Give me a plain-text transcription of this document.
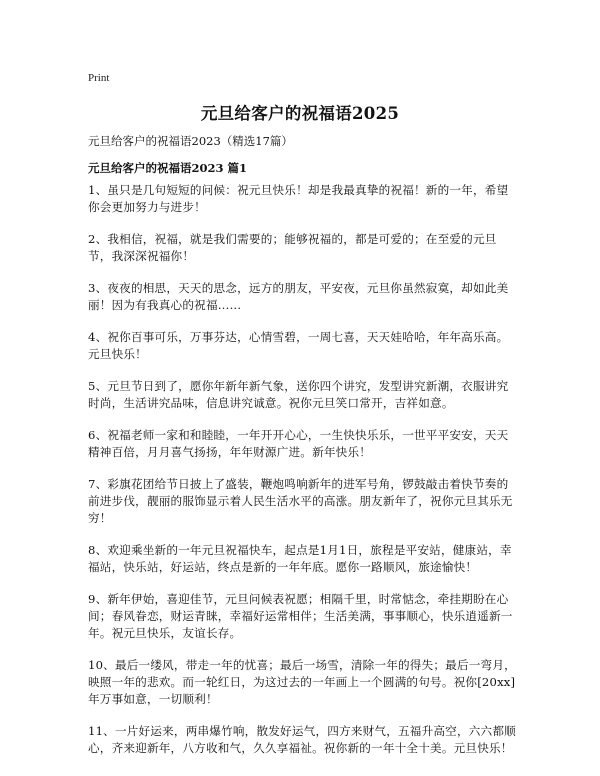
Print
元旦给客户的祝福语2025
元旦给客户的祝福语2023（精选17篇）
元旦给客户的祝福语2023 篇1

1、虽只是几句短短的问候：祝元旦快乐！却是我最真挚的祝福！新的一年，希望你会更加努力与进步！

2、我相信，祝福，就是我们需要的；能够祝福的，都是可爱的；在至爱的元旦节，我深深祝福你！

3、夜夜的相思，天天的思念，远方的朋友，平安夜，元旦你虽然寂寞，却如此美丽！因为有我真心的祝福……

4、祝你百事可乐，万事芬达，心情雪碧，一周七喜，天天娃哈哈，年年高乐高。元旦快乐！

5、元旦节日到了，愿你年新年新气象，送你四个讲究，发型讲究新潮，衣服讲究时尚，生活讲究品味，信息讲究诚意。祝你元旦笑口常开，吉祥如意。

6、祝福老师一家和和睦睦，一年开开心心，一生快快乐乐，一世平平安安，天天精神百倍，月月喜气扬扬，年年财源广进。新年快乐！

7、彩旗花团给节日披上了盛装，鞭炮鸣响新年的进军号角，锣鼓敲击着快节奏的前进步伐，靓丽的服饰显示着人民生活水平的高涨。朋友新年了，祝你元旦其乐无穷！

8、欢迎乘坐新的一年元旦祝福快车，起点是1月1日，旅程是平安站，健康站，幸福站，快乐站，好运站，终点是新的一年年底。愿你一路顺风，旅途愉快！

9、新年伊始，喜迎佳节，元旦问候表祝愿；相隔千里，时常惦念，牵挂期盼在心间；春风眷恋，财运青睐，幸福好运常相伴；生活美满，事事顺心，快乐逍遥新一年。祝元旦快乐，友谊长存。

10、最后一缕风，带走一年的忧喜；最后一场雪，清除一年的得失；最后一弯月，映照一年的悲欢。而一轮红日，为这过去的一年画上一个圆满的句号。祝你[20xx]年万事如意，一切顺利！

11、一片好运来，两串爆竹响，散发好运气，四方来财气，五福升高空，六六都顺心，齐来迎新年，八方收和气，久久享福祉。祝你新的一年十全十美。元旦快乐！
